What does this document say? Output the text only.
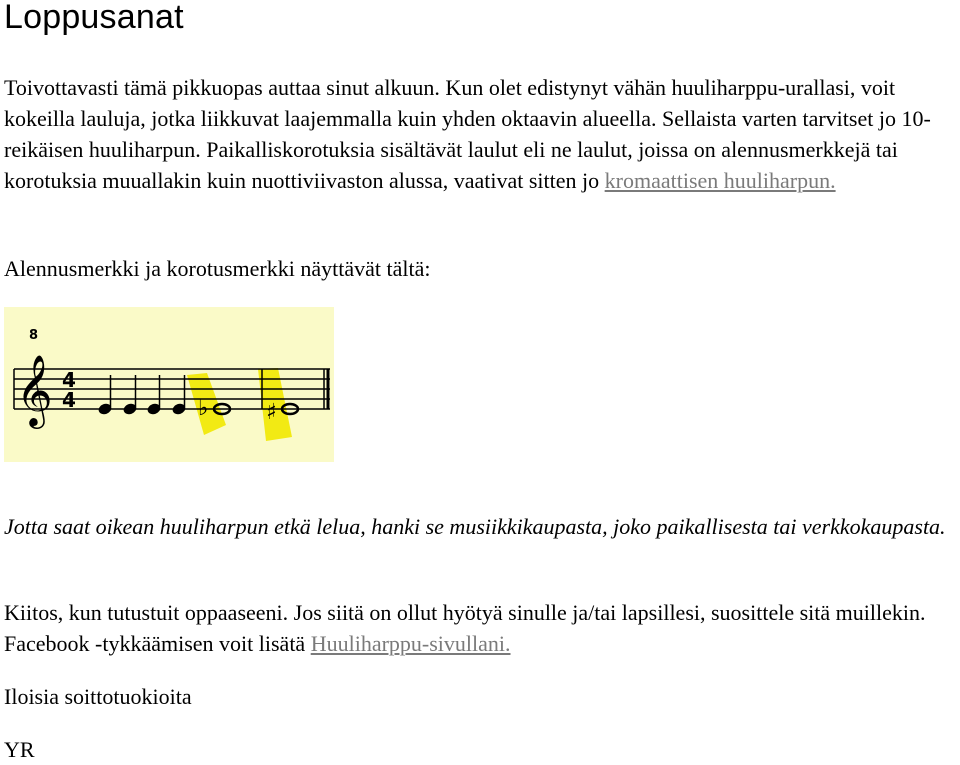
Loppusanat

Toivottavasti tämä pikkuopas auttaa sinut alkuun. Kun olet edistynyt vähän huuliharppu-urallasi, voit kokeilla lauluja, jotka liikkuvat laajemmalla kuin yhden oktaavin alueella. Sellaista varten tarvitset jo 10-reikäisen huuliharpun. Paikalliskorotuksia sisältävät laulut eli ne laulut, joissa on alennusmerkkejä tai korotuksia muuallakin kuin nuottiviivaston alussa, vaativat sitten jo kromaattisen huuliharpun.

Alennusmerkki ja korotusmerkki näyttävät tältä:

𝄞
8
4
4	♭	♯

Jotta saat oikean huuliharpun etkä lelua, hanki se musiikkikaupasta, joko paikallisesta tai verkkokaupasta.

Kiitos, kun tutustuit oppaaseeni. Jos siitä on ollut hyötyä sinulle ja/tai lapsillesi, suosittele sitä muillekin. Facebook -tykkäämisen voit lisätä Huuliharppu-sivullani.

Iloisia soittotuokioita

YR
